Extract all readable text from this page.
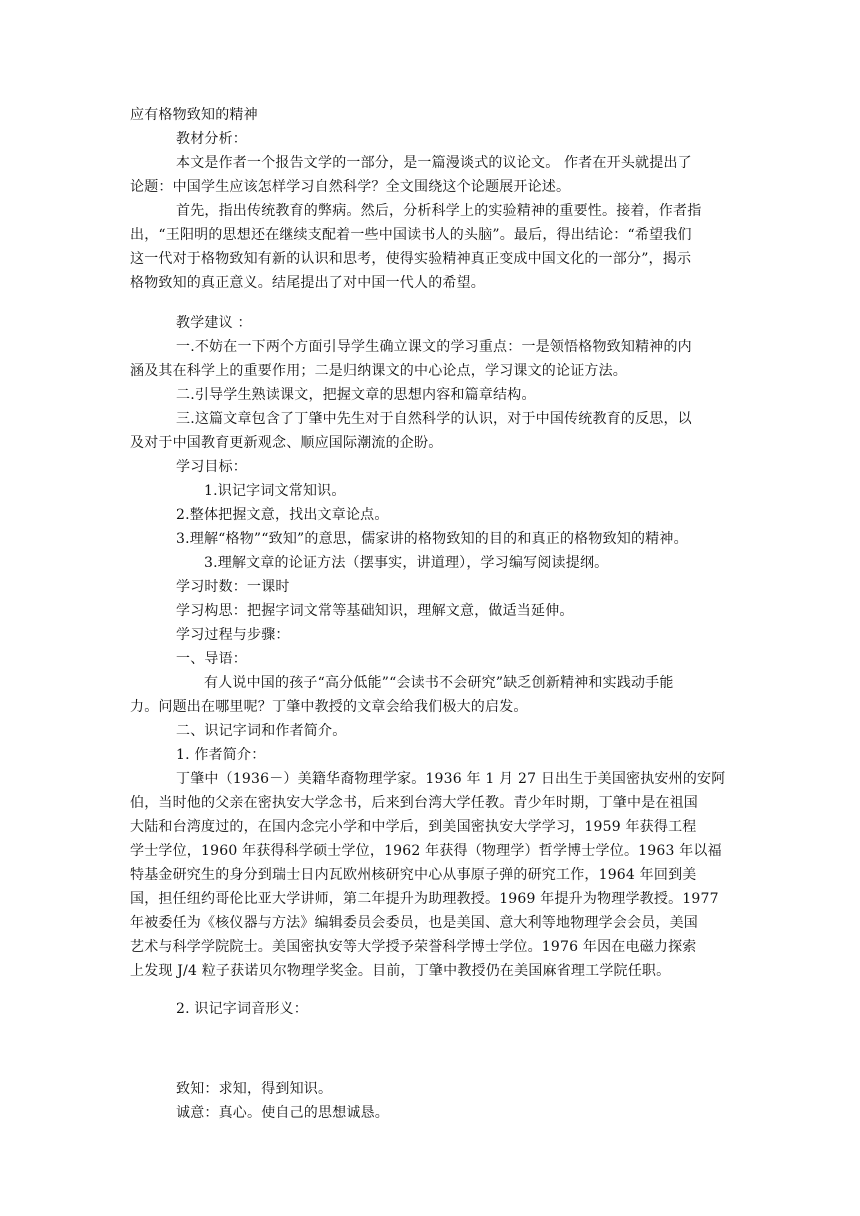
应有格物致知的精神
教材分析：
本文是作者一个报告文学的一部分，是一篇漫谈式的议论文。 作者在开头就提出了
论题：中国学生应该怎样学习自然科学？全文围绕这个论题展开论述。
首先，指出传统教育的弊病。然后，分析科学上的实验精神的重要性。接着，作者指
出，“王阳明的思想还在继续支配着一些中国读书人的头脑”。最后，得出结论：“希望我们
这一代对于格物致知有新的认识和思考，使得实验精神真正变成中国文化的一部分”，揭示
格物致知的真正意义。结尾提出了对中国一代人的希望。
教学建议 ：
一.不妨在一下两个方面引导学生确立课文的学习重点：一是领悟格物致知精神的内
涵及其在科学上的重要作用；二是归纳课文的中心论点，学习课文的论证方法。
二.引导学生熟读课文，把握文章的思想内容和篇章结构。
三.这篇文章包含了丁肇中先生对于自然科学的认识，对于中国传统教育的反思，以
及对于中国教育更新观念、顺应国际潮流的企盼。
学习目标：
1.识记字词文常知识。
2.整体把握文意，找出文章论点。
3.理解“格物”“致知”的意思，儒家讲的格物致知的目的和真正的格物致知的精神。
3.理解文章的论证方法（摆事实，讲道理），学习编写阅读提纲。
学习时数：一课时
学习构思：把握字词文常等基础知识，理解文意，做适当延伸。
学习过程与步骤：
一、导语：
有人说中国的孩子“高分低能”“会读书不会研究”缺乏创新精神和实践动手能
力。问题出在哪里呢？丁肇中教授的文章会给我们极大的启发。
二、识记字词和作者简介。
1. 作者简介：
丁肇中（1936－）美籍华裔物理学家。1936 年 1 月 27 日出生于美国密执安州的安阿
伯，当时他的父亲在密执安大学念书，后来到台湾大学任教。青少年时期，丁肇中是在祖国
大陆和台湾度过的，在国内念完小学和中学后，到美国密执安大学学习，1959 年获得工程
学士学位，1960 年获得科学硕士学位，1962 年获得（物理学）哲学博士学位。1963 年以福
特基金研究生的身分到瑞士日内瓦欧州核研究中心从事原子弹的研究工作，1964 年回到美
国，担任纽约哥伦比亚大学讲师，第二年提升为助理教授。1969 年提升为物理学教授。1977
年被委任为《核仪器与方法》编辑委员会委员，也是美国、意大利等地物理学会会员，美国
艺术与科学学院院士。美国密执安等大学授予荣誉科学博士学位。1976 年因在电磁力探索
上发现 J/4 粒子获诺贝尔物理学奖金。目前，丁肇中教授仍在美国麻省理工学院任职。
2. 识记字词音形义：
致知：求知，得到知识。
诚意：真心。使自己的思想诚恳。
